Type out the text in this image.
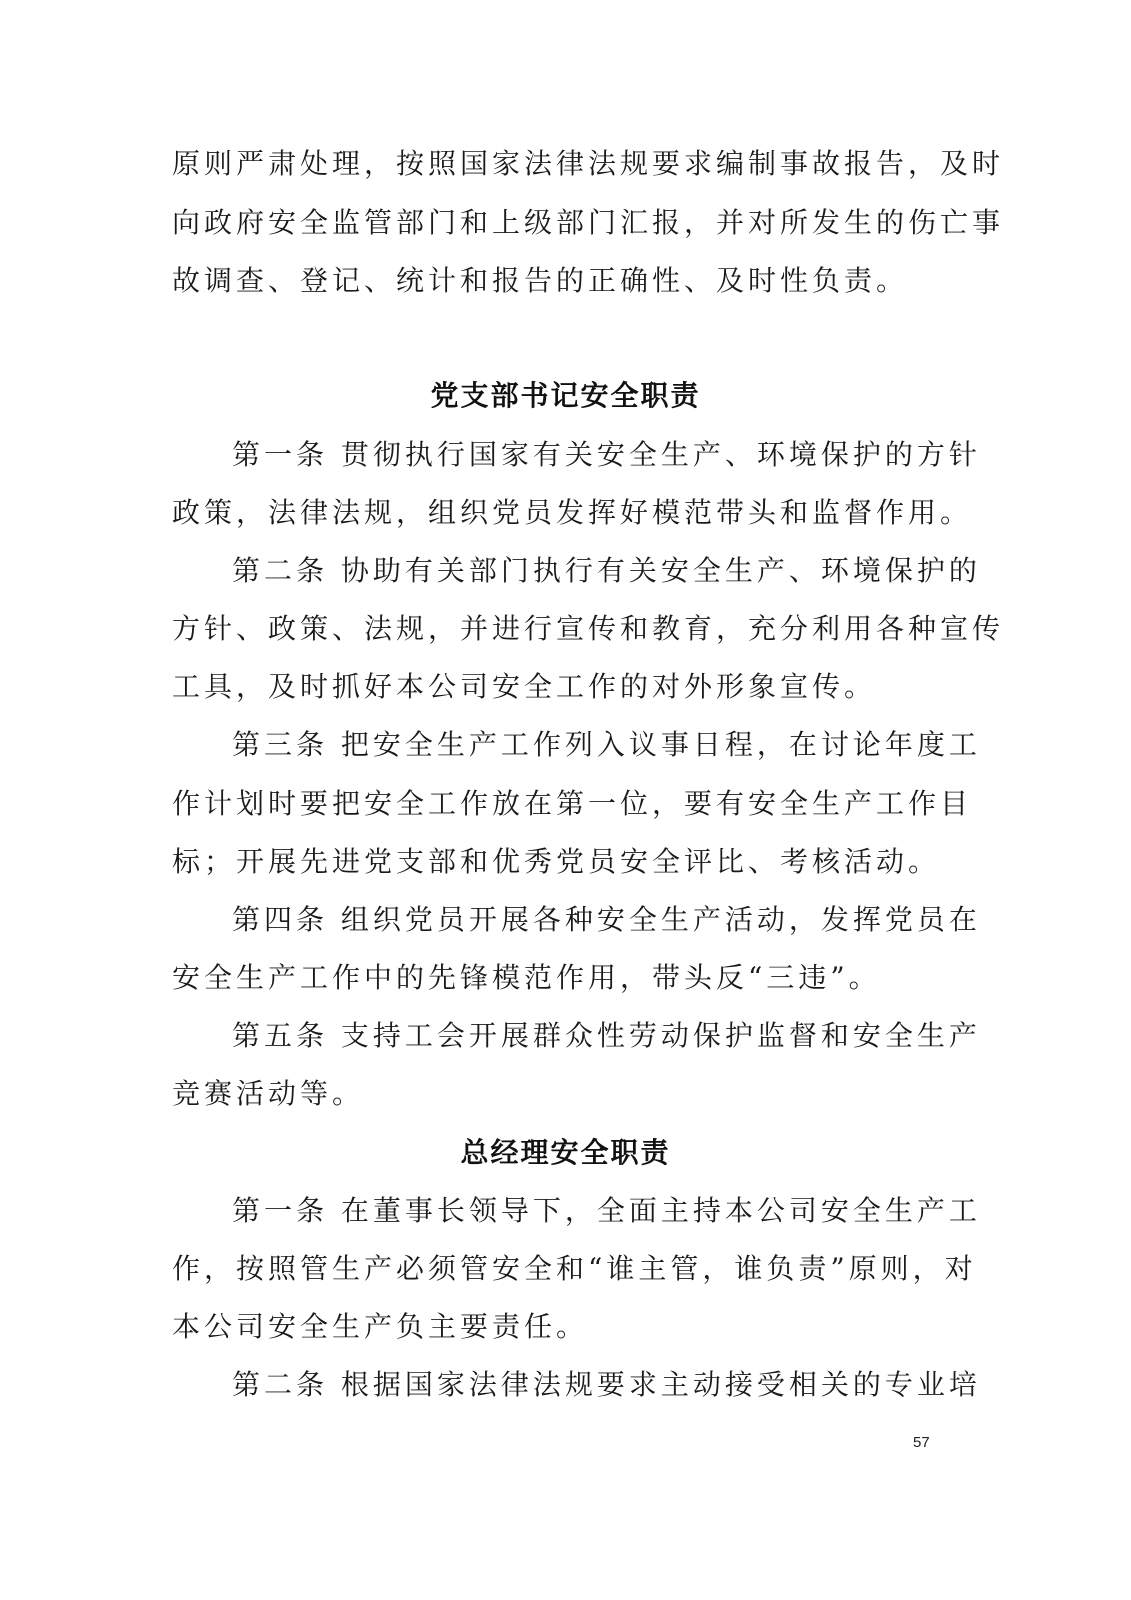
原则严肃处理，按照国家法律法规要求编制事故报告，及时

向政府安全监管部门和上级部门汇报，并对所发生的伤亡事

故调查、登记、统计和报告的正确性、及时性负责。

党支部书记安全职责

第一条 贯彻执行国家有关安全生产、环境保护的方针

政策，法律法规，组织党员发挥好模范带头和监督作用。

第二条 协助有关部门执行有关安全生产、环境保护的

方针、政策、法规，并进行宣传和教育，充分利用各种宣传

工具，及时抓好本公司安全工作的对外形象宣传。

第三条 把安全生产工作列入议事日程，在讨论年度工

作计划时要把安全工作放在第一位，要有安全生产工作目

标；开展先进党支部和优秀党员安全评比、考核活动。

第四条 组织党员开展各种安全生产活动，发挥党员在

安全生产工作中的先锋模范作用，带头反“三违”。

第五条 支持工会开展群众性劳动保护监督和安全生产

竞赛活动等。

总经理安全职责

第一条 在董事长领导下，全面主持本公司安全生产工

作，按照管生产必须管安全和“谁主管，谁负责”原则，对

本公司安全生产负主要责任。

第二条 根据国家法律法规要求主动接受相关的专业培

57
